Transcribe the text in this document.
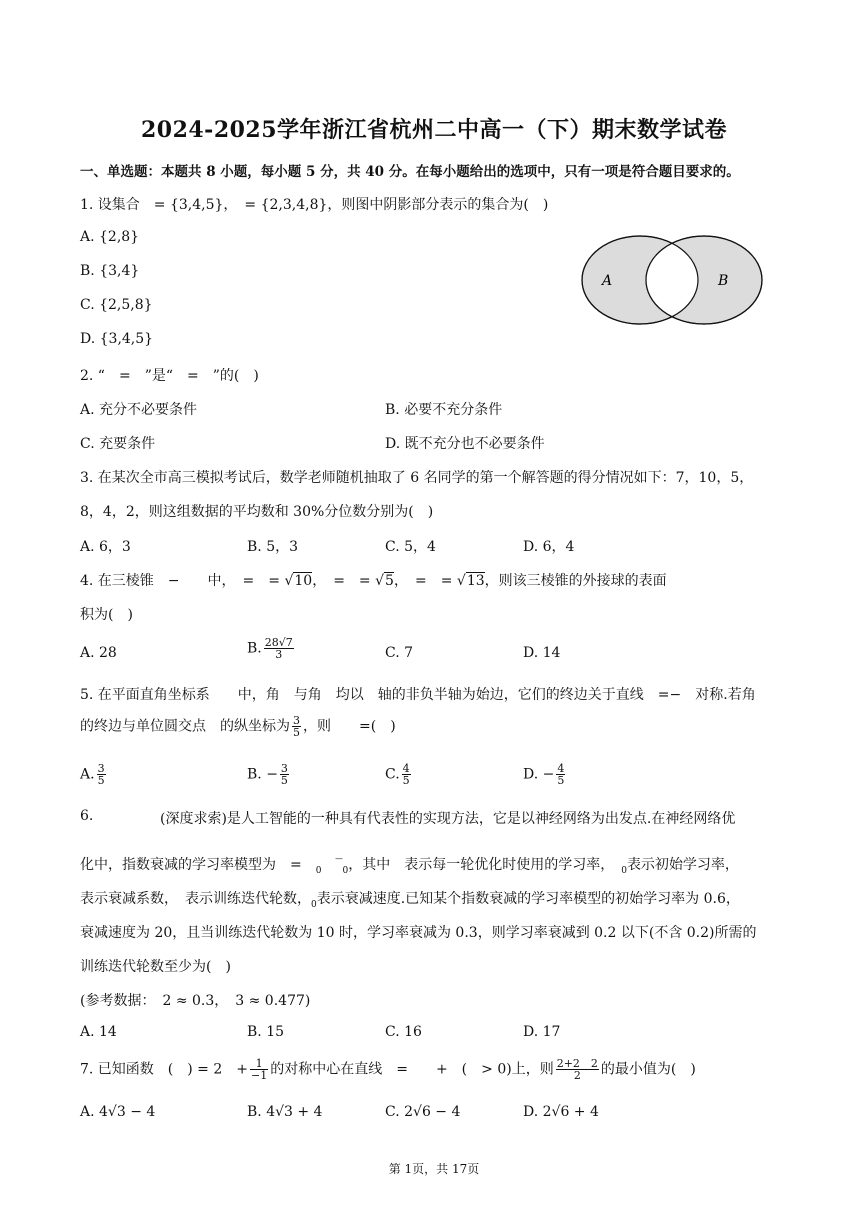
2024-2025学年浙江省杭州二中高一（下）期末数学试卷
一、单选题：本题共 8 小题，每小题 5 分，共 40 分。在每小题给出的选项中，只有一项是符合题目要求的。
1. 设集合　= {3,4,5}，　= {2,3,4,8}，则图中阴影部分表示的集合为(　)
A. {2,8}
B. {3,4}
C. {2,5,8}
D. {3,4,5}
A	B
2. “　=　”是“　=　”的(　)
A. 充分不必要条件	B. 必要不充分条件
C. 充要条件	D. 既不充分也不必要条件
3. 在某次全市高三模拟考试后，数学老师随机抽取了 6 名同学的第一个解答题的得分情况如下：7，10，5，
8，4，2，则这组数据的平均数和 30%分位数分别为(　)
A. 6，3	B. 5，3	C. 5，4	D. 6，4
4. 在三棱锥　−　　中，　=　= √10，　=　= √5，　=　= √13，则该三棱锥的外接球的表面
积为(　)
A. 28	B. $\frac{28√7}{3}$	C. 7	D. 14
5. 在平面直角坐标系　　中，角　与角　均以　轴的非负半轴为始边，它们的终边关于直线　=−　对称.若角
的终边与单位圆交点　的纵坐标为 $\frac{3}{5}$ ，则　　=(　)
A. $\frac{3}{5}$	B. − $\frac{3}{5}$	C. $\frac{4}{5}$	D. − $\frac{4}{5}$
6.	(深度求索)是人工智能的一种具有代表性的实现方法，它是以神经网络为出发点.在神经网络优
化中，指数衰减的学习率模型为　=　$_0$　$‾_0$，其中　表示每一轮优化时使用的学习率，　$_0$表示初始学习率，
表示衰减系数，　表示训练迭代轮数，$_0$表示衰减速度.已知某个指数衰减的学习率模型的初始学习率为 0.6，
衰减速度为 20，且当训练迭代轮数为 10 时，学习率衰减为 0.3，则学习率衰减到 0.2 以下(不含 0.2)所需的
训练迭代轮数至少为(　)
(参考数据：　2 ≈ 0.3，　3 ≈ 0.477)
A. 14	B. 15	C. 16	D. 17
7. 已知函数　(　) = 2　+ $\frac{1}{-1}$ 的对称中心在直线　=　　+　(　> 0)上，则 $\frac{2+2 2}{2}$ 的最小值为(　)
A. 4√3 − 4	B. 4√3 + 4	C. 2√6 − 4	D. 2√6 + 4
第 1页，共 17页
